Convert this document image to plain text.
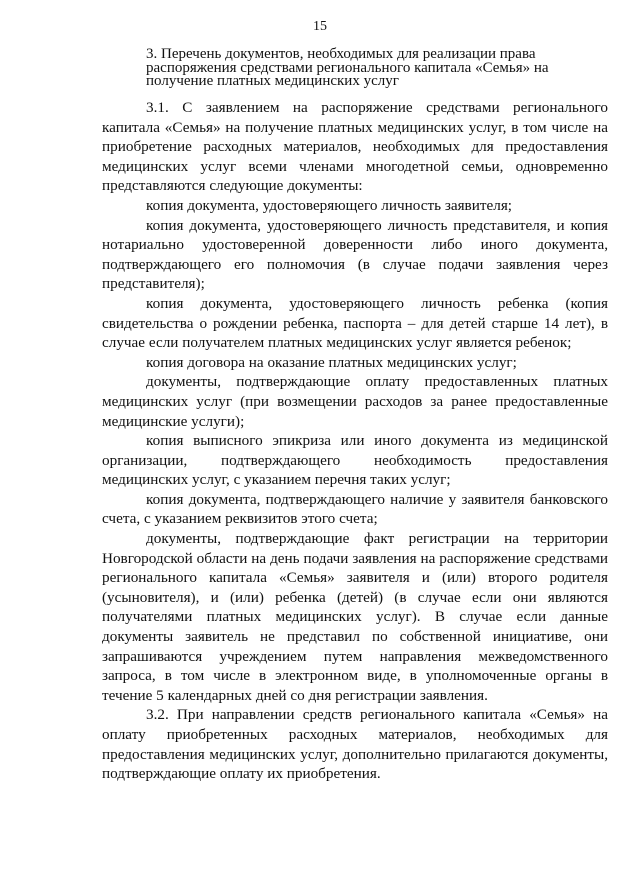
15
3. Перечень документов, необходимых для реализации права распоряжения средствами регионального капитала «Семья» на получение платных медицинских услуг

3.1. С заявлением на распоряжение средствами регионального капитала «Семья» на получение платных медицинских услуг, в том числе на приобретение расходных материалов, необходимых для предоставления медицинских услуг всеми членами многодетной семьи, одновременно представляются следующие документы:

копия документа, удостоверяющего личность заявителя;

копия документа, удостоверяющего личность представителя, и копия нотариально удостоверенной доверенности либо иного документа, подтверждающего его полномочия (в случае подачи заявления через представителя);

копия документа, удостоверяющего личность ребенка (копия свидетельства о рождении ребенка, паспорта – для детей старше 14 лет), в случае если получателем платных медицинских услуг является ребенок;

копия договора на оказание платных медицинских услуг;

документы, подтверждающие оплату предоставленных платных медицинских услуг (при возмещении расходов за ранее предоставленные медицинские услуги);

копия выписного эпикриза или иного документа из медицинской организации, подтверждающего необходимость предоставления медицинских услуг, с указанием перечня таких услуг;

копия документа, подтверждающего наличие у заявителя банковского счета, с указанием реквизитов этого счета;

документы, подтверждающие факт регистрации на территории Новгородской области на день подачи заявления на распоряжение средствами регионального капитала «Семья» заявителя и (или) второго родителя (усыновителя), и (или) ребенка (детей) (в случае если они являются получателями платных медицинских услуг). В случае если данные документы заявитель не представил по собственной инициативе, они запрашиваются учреждением путем направления межведомственного запроса, в том числе в электронном виде, в уполномоченные органы в течение 5 календарных дней со дня регистрации заявления.

3.2. При направлении средств регионального капитала «Семья» на оплату приобретенных расходных материалов, необходимых для предоставления медицинских услуг, дополнительно прилагаются документы, подтверждающие оплату их приобретения.
